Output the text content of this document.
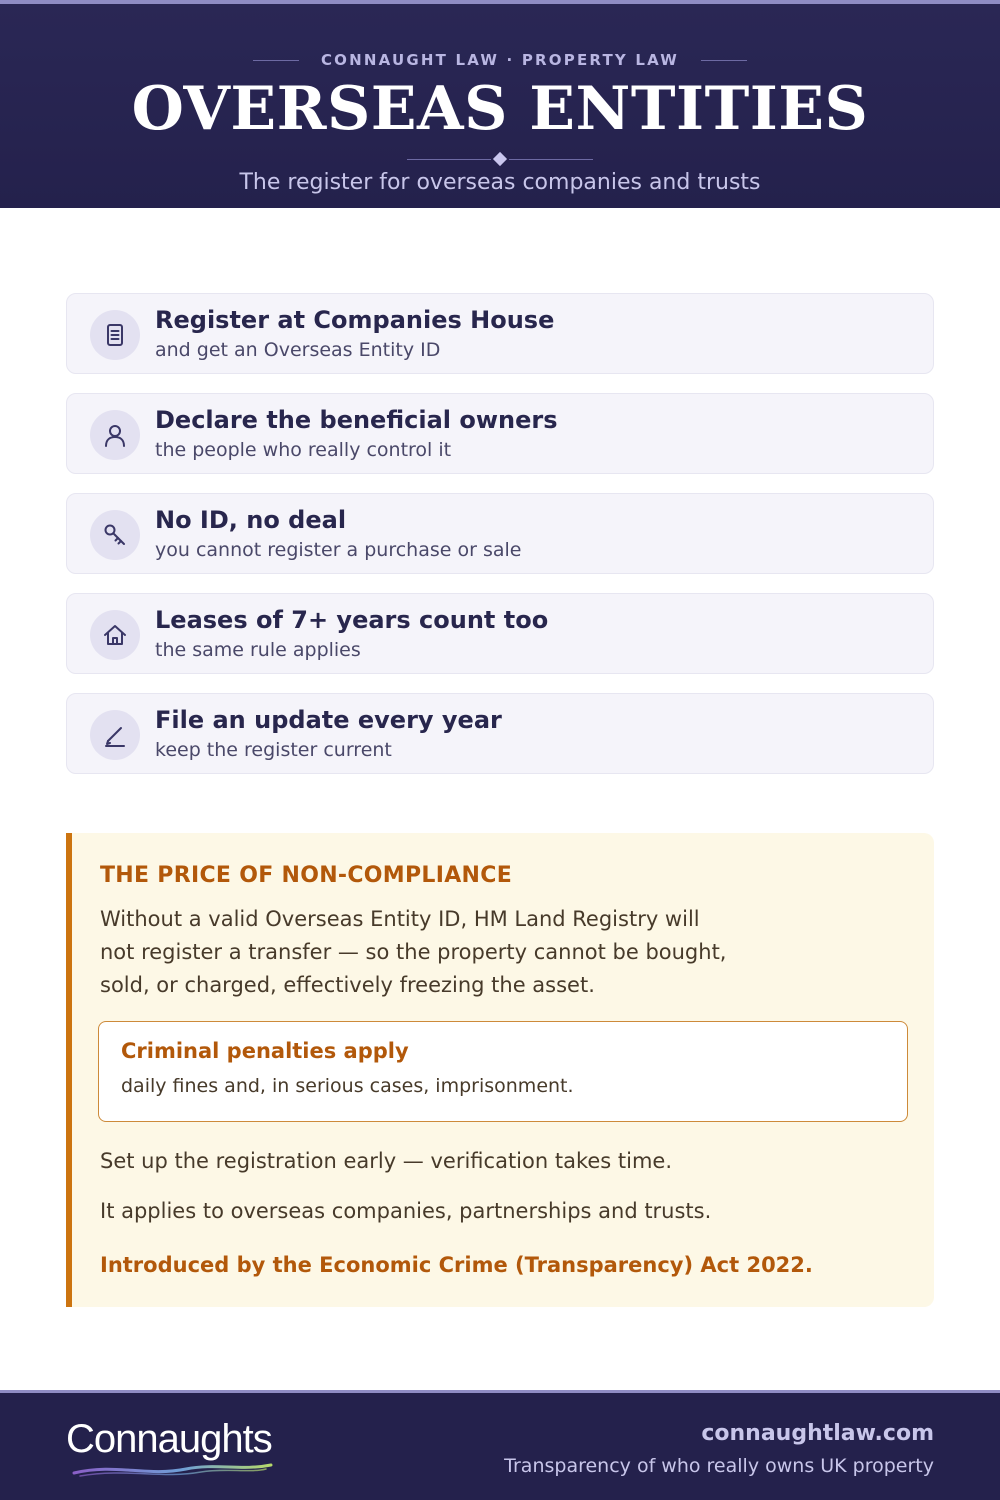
CONNAUGHT LAW · PROPERTY LAW
OVERSEAS ENTITIES
The register for overseas companies and trusts
Register at Companies House
and get an Overseas Entity ID
Declare the beneficial owners
the people who really control it
No ID, no deal
you cannot register a purchase or sale
Leases of 7+ years count too
the same rule applies
File an update every year
keep the register current
THE PRICE OF NON-COMPLIANCE
Without a valid Overseas Entity ID, HM Land Registry will not register a transfer — so the property cannot be bought, sold, or charged, effectively freezing the asset.
Criminal penalties apply
daily fines and, in serious cases, imprisonment.
Set up the registration early — verification takes time.
It applies to overseas companies, partnerships and trusts.
Introduced by the Economic Crime (Transparency) Act 2022.
Connaughts	connaughtlaw.com
Transparency of who really owns UK property
